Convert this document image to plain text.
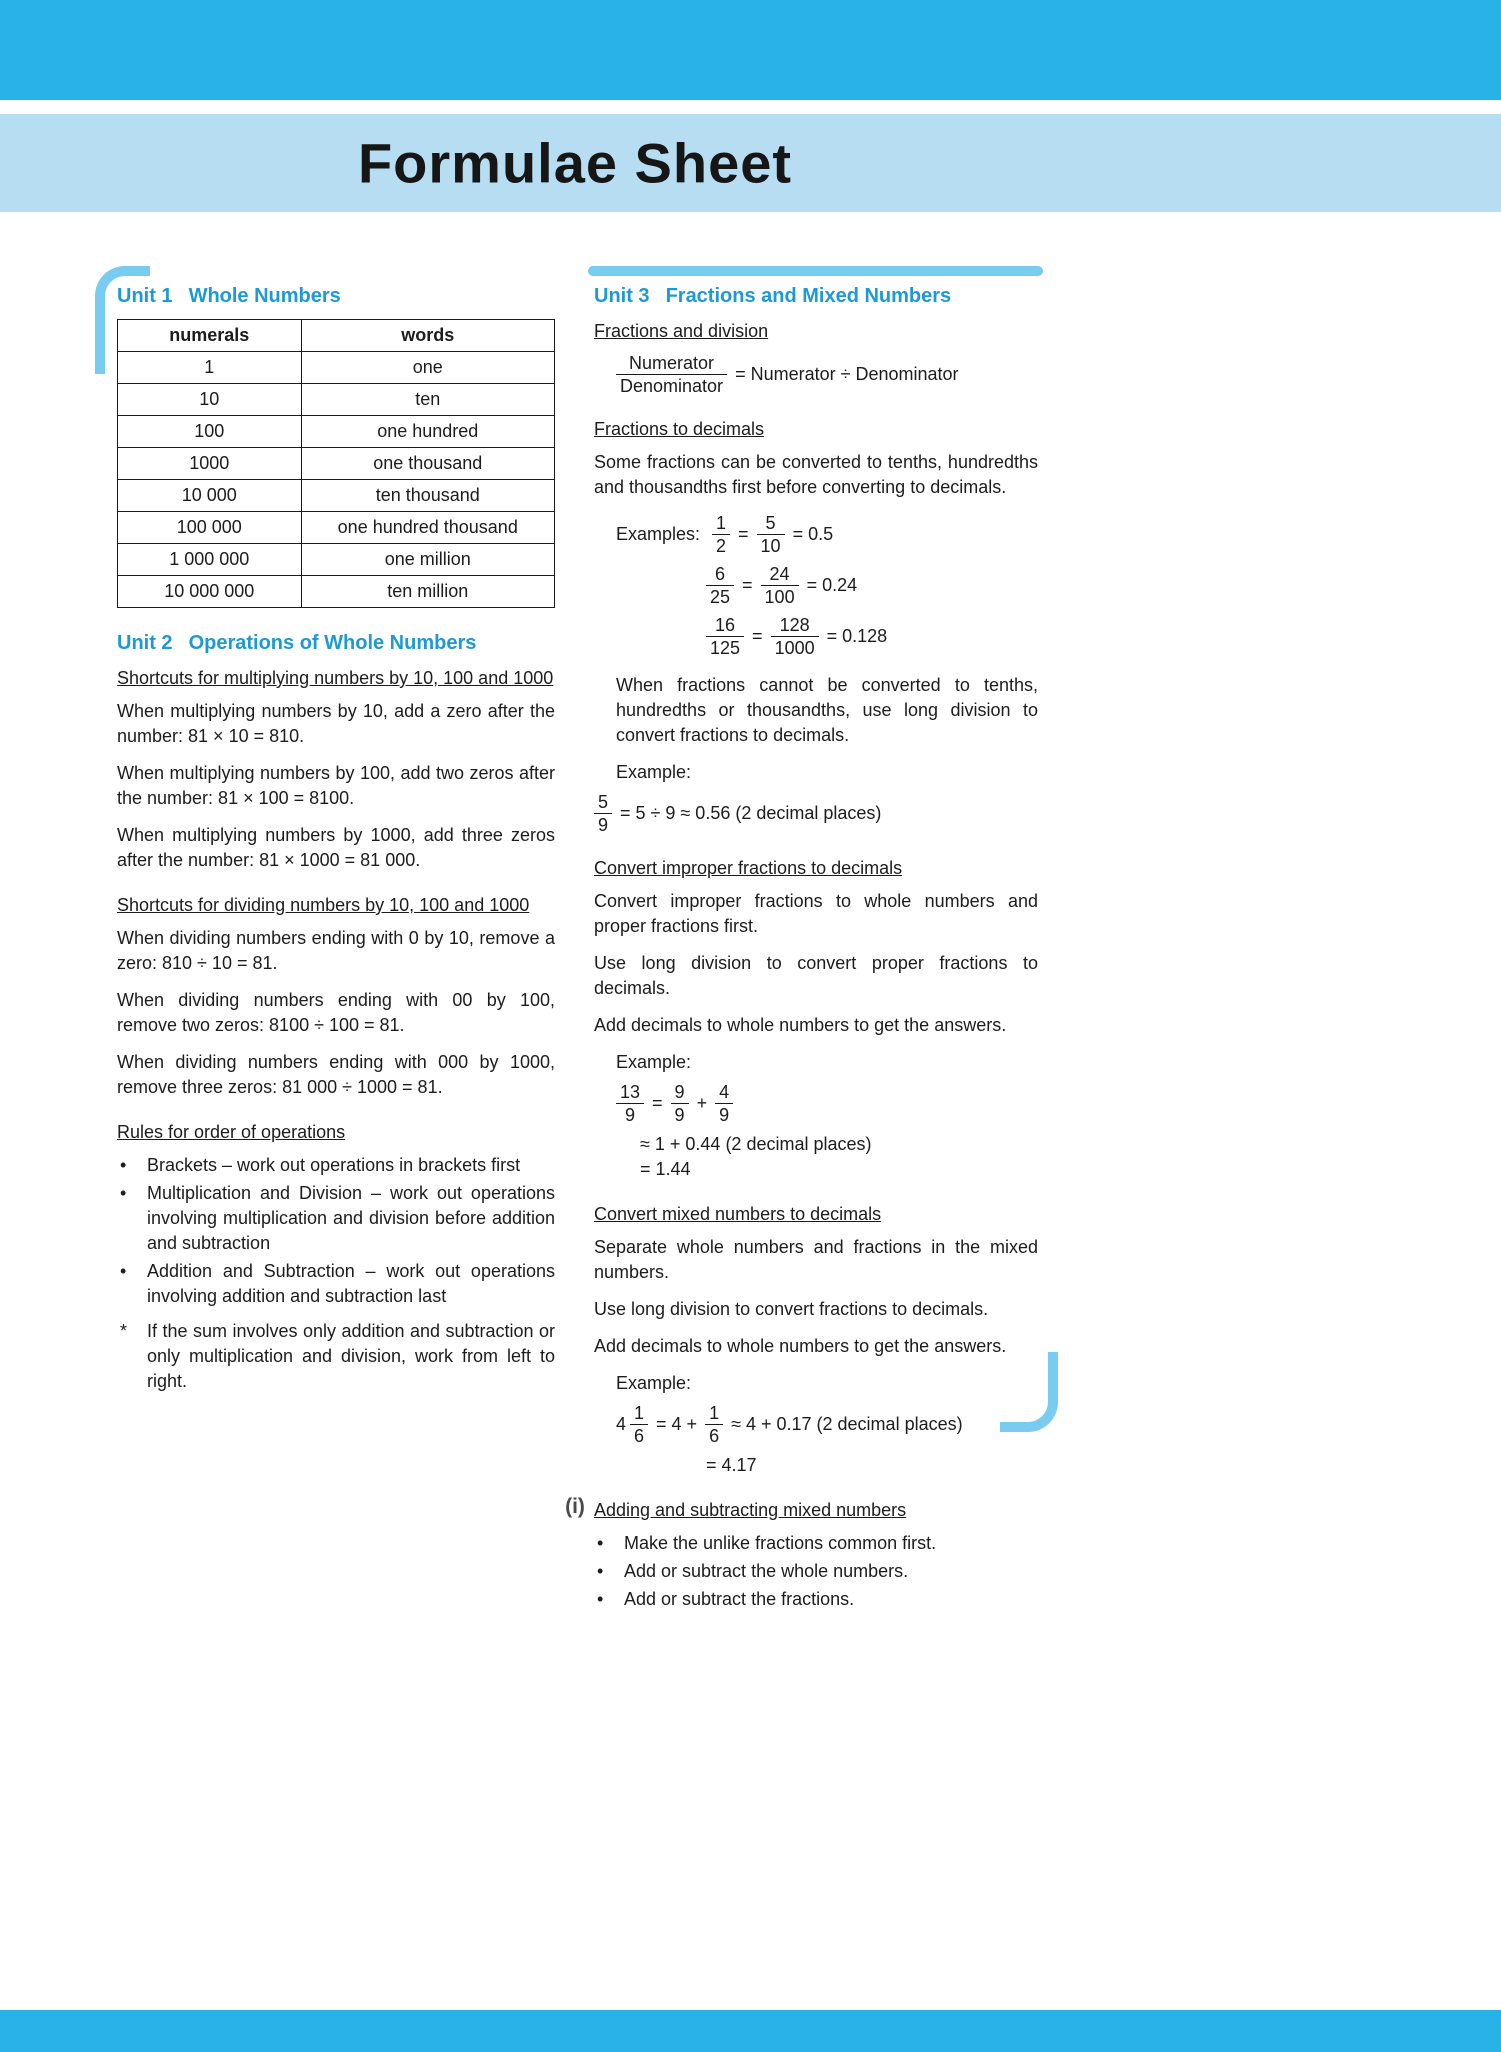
Formulae Sheet
Unit 1 Whole Numbers
numerals	words
1	one
10	ten
100	one hundred
1000	one thousand
10 000	ten thousand
100 000	one hundred thousand
1 000 000	one million
10 000 000	ten million
Unit 2 Operations of Whole Numbers
Shortcuts for multiplying numbers by 10, 100 and 1000

When multiplying numbers by 10, add a zero after the number: 81 × 10 = 810.

When multiplying numbers by 100, add two zeros after the number: 81 × 100 = 8100.

When multiplying numbers by 1000, add three zeros after the number: 81 × 1000 = 81 000.

Shortcuts for dividing numbers by 10, 100 and 1000

When dividing numbers ending with 0 by 10, remove a zero: 810 ÷ 10 = 81.

When dividing numbers ending with 00 by 100, remove two zeros: 8100 ÷ 100 = 81.

When dividing numbers ending with 000 by 1000, remove three zeros: 81 000 ÷ 1000 = 81.

Rules for order of operations
•	Brackets – work out operations in brackets first
•	Multiplication and Division – work out operations involving multiplication and division before addition and subtraction
•	Addition and Subtraction – work out operations involving addition and subtraction last
*	If the sum involves only addition and subtraction or only multiplication and division, work from left to right.
Unit 3 Fractions and Mixed Numbers
Fractions and division
$\frac{\text{Numerator}}{\text{Denominator}}$ = Numerator ÷ Denominator
Fractions to decimals

Some fractions can be converted to tenths, hundredths and thousandths first before converting to decimals.

Examples: $\frac{1}{2} = \frac{5}{10} = 0.5$
$\frac{6}{25} = \frac{24}{100} = 0.24$
$\frac{16}{125} = \frac{128}{1000} = 0.128$

When fractions cannot be converted to tenths, hundredths or thousandths, use long division to convert fractions to decimals.

Example:
$\frac{5}{9} = 5 \div 9 \approx 0.56$ (2 decimal places)
Convert improper fractions to decimals

Convert improper fractions to whole numbers and proper fractions first.

Use long division to convert proper fractions to decimals.

Add decimals to whole numbers to get the answers.

Example:
$\frac{13}{9} = \frac{9}{9} + \frac{4}{9}$
≈ 1 + 0.44 (2 decimal places)
= 1.44
Convert mixed numbers to decimals

Separate whole numbers and fractions in the mixed numbers.

Use long division to convert fractions to decimals.

Add decimals to whole numbers to get the answers.

Example:
$4 \frac{1}{6} = 4 + \frac{1}{6} \approx 4 + 0.17$ (2 decimal places)
= 4.17
Adding and subtracting mixed numbers
•	Make the unlike fractions common first.
•	Add or subtract the whole numbers.
•	Add or subtract the fractions.
(i)
